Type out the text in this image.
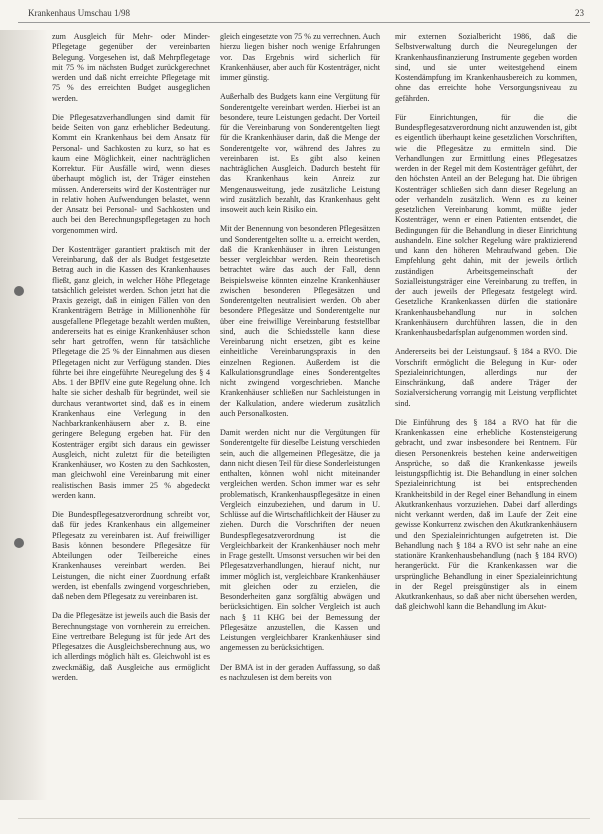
Krankenhaus Umschau 1/98	23

zum Ausgleich für Mehr- oder Minder-Pflegetage gegenüber der vereinbarten Belegung. Vorgesehen ist, daß Mehrpflegetage mit 75 % im nächsten Budget zurückgerechnet werden und daß nicht erreichte Pflegetage mit 75 % des erreichten Budget ausgeglichen werden.

Die Pflegesatzverhandlungen sind damit für beide Seiten von ganz erheblicher Bedeutung. Kommt ein Krankenhaus bei dem Ansatz für Personal- und Sachkosten zu kurz, so hat es kaum eine Möglichkeit, einer nachträglichen Korrektur. Für Ausfälle wird, wenn dieses überhaupt möglich ist, der Träger einstehen müssen. Andererseits wird der Kostenträger nur in relativ hohen Aufwendungen belastet, wenn der Ansatz bei Personal- und Sachkosten und auch bei den Berechnungspflegetagen zu hoch vorgenommen wird.

Der Kostenträger garantiert praktisch mit der Vereinbarung, daß der als Budget festgesetzte Betrag auch in die Kassen des Krankenhauses fließt, ganz gleich, in welcher Höhe Pflegetage tatsächlich geleistet werden. Schon jetzt hat die Praxis gezeigt, daß in einigen Fällen von den Krankenträgern Beträge in Millionenhöhe für ausgefallene Pflegetage bezahlt werden mußten, andererseits hat es einige Krankenhäuser schon sehr hart getroffen, wenn für tatsächliche Pflegetage die 25 % der Einnahmen aus diesen Pflegetagen nicht zur Verfügung standen. Dies führte bei ihre eingeführte Neuregelung des § 4 Abs. 1 der BPflV eine gute Regelung ohne. Ich halte sie sicher deshalb für begründet, weil sie durchaus verantwortet sind, daß es in einem Krankenhaus eine Verlegung in den Nachbarkrankenhäusern aber z. B. eine geringere Belegung ergeben hat. Für den Kostenträger ergibt sich daraus ein gewisser Ausgleich, nicht zuletzt für die beteiligten Krankenhäuser, wo Kosten zu den Sachkosten, man gleichwohl eine Vereinbarung mit einer realistischen Basis immer 25 % abgedeckt werden kann.

Die Bundespflegesatzverordnung schreibt vor, daß für jedes Krankenhaus ein allgemeiner Pflegesatz zu vereinbaren ist. Auf freiwilliger Basis können besondere Pflegesätze für Abteilungen oder Teilbereiche eines Krankenhauses vereinbart werden. Bei Leistungen, die nicht einer Zuordnung erfaßt werden, ist ebenfalls zwingend vorgeschrieben, daß neben dem Pflegesatz zu vereinbaren ist.

Da die Pflegesätze ist jeweils auch die Basis der Berechnungstage von vornherein zu erreichen. Eine vertretbare Belegung ist für jede Art des Pflegesatzes die Ausgleichsberechnung aus, wo ich allerdings möglich hält es. Gleichwohl ist es zweckmäßig, daß Ausgleiche aus ermöglicht werden.

gleich eingesetzte von 75 % zu verrechnen. Auch hierzu liegen bisher noch wenige Erfahrungen vor. Das Ergebnis wird sicherlich für Krankenhäuser, aber auch für Kostenträger, nicht immer günstig.

Außerhalb des Budgets kann eine Vergütung für Sonderentgelte vereinbart werden. Hierbei ist an besondere, teure Leistungen gedacht. Der Vorteil für die Vereinbarung von Sonderentgelten liegt für die Krankenhäuser darin, daß die Menge der Sonderentgelte vor, während des Jahres zu vereinbaren ist. Es gibt also keinen nachträglichen Ausgleich. Dadurch besteht für das Krankenhaus kein Anreiz zur Mengenausweitung, jede zusätzliche Leistung wird zusätzlich bezahlt, das Krankenhaus geht insoweit auch kein Risiko ein.

Mit der Benennung von besonderen Pflegesätzen und Sonderentgelten sollte u. a. erreicht werden, daß die Krankenhäuser in ihren Leistungen besser vergleichbar werden. Rein theoretisch betrachtet wäre das auch der Fall, denn Beispielsweise könnten einzelne Krankenhäuser zwischen besonderen Pflegesätzen und Sonderentgelten neutralisiert werden. Ob aber besondere Pflegesätze und Sonderentgelte nur über eine freiwillige Vereinbarung feststellbar sind, auch die Schiedsstelle kann diese Vereinbarung nicht ersetzen, gibt es keine einheitliche Vereinbarungspraxis in den einzelnen Regionen. Außerdem ist die Kalkulationsgrundlage eines Sonderentgeltes nicht zwingend vorgeschrieben. Manche Krankenhäuser schließen nur Sachleistungen in der Kalkulation, andere wiederum zusätzlich auch Personalkosten.

Damit werden nicht nur die Vergütungen für Sonderentgelte für dieselbe Leistung verschieden sein, auch die allgemeinen Pflegesätze, die ja dann nicht diesen Teil für diese Sonderleistungen enthalten, können wohl nicht miteinander vergleichen werden. Schon immer war es sehr problematisch, Krankenhauspflegesätze in einen Vergleich einzubeziehen, und darum in U. Schlüsse auf die Wirtschaftlichkeit der Häuser zu ziehen. Durch die Vorschriften der neuen Bundespflegesatzverordnung ist die Vergleichbarkeit der Krankenhäuser noch mehr in Frage gestellt. Umsonst versuchen wir bei den Pflegesatzverhandlungen, hierauf nicht, nur immer möglich ist, vergleichbare Krankenhäuser mit gleichen oder zu erzielen, die Besonderheiten ganz sorgfältig abwägen und berücksichtigen. Ein solcher Vergleich ist auch nach § 11 KHG bei der Bemessung der Pflegesätze anzustellen, die Kassen und Leistungen vergleichbarer Krankenhäuser sind angemessen zu berücksichtigen.

Der BMA ist in der geraden Auffassung, so daß es nachzulesen ist dem bereits von

mir externen Sozialbericht 1986, daß die Selbstverwaltung durch die Neuregelungen der Krankenhausfinanzierung Instrumente gegeben worden sind, und sie unter weitestgehend einem Kostendämpfung im Krankenhausbereich zu kommen, ohne das erreichte hohe Versorgungsniveau zu gefährden.

Für Einrichtungen, für die die Bundespflegesatzverordnung nicht anzuwenden ist, gibt es eigentlich überhaupt keine gesetzlichen Vorschriften, wie die Pflegesätze zu ermitteln sind. Die Verhandlungen zur Ermittlung eines Pflegesatzes werden in der Regel mit dem Kostenträger geführt, der den höchsten Anteil an der Belegung hat. Die übrigen Kostenträger schließen sich dann dieser Regelung an oder verhandeln zusätzlich. Wenn es zu keiner gesetzlichen Vereinbarung kommt, müßte jeder Kostenträger, wenn er einen Patienten entsendet, die Bedingungen für die Behandlung in dieser Einrichtung aushandeln. Eine solcher Regelung wäre praktizierend und kann den höheren Mehraufwand geben. Die Empfehlung geht dahin, mit der jeweils örtlich zuständigen Arbeitsgemeinschaft der Sozialleistungsträger eine Vereinbarung zu treffen, in der auch jeweils der Pflegesatz festgelegt wird. Gesetzliche Krankenkassen dürfen die stationäre Krankenhausbehandlung nur in solchen Krankenhäusern durchführen lassen, die in den Krankenhausbedarfsplan aufgenommen worden sind.

Andererseits bei der Leistungsauf. § 184 a RVO. Die Vorschrift ermöglicht die Belegung in Kur- oder Spezialeinrichtungen, allerdings nur der Einschränkung, daß andere Träger der Sozialversicherung vorrangig mit Leistung verpflichtet sind.

Die Einführung des § 184 a RVO hat für die Krankenkassen eine erhebliche Kostensteigerung gebracht, und zwar insbesondere bei Rentnern. Für diesen Personenkreis bestehen keine anderweitigen Ansprüche, so daß die Krankenkasse jeweils leistungspflichtig ist. Die Behandlung in einer solchen Spezialeinrichtung ist bei entsprechenden Krankheitsbild in der Regel einer Behandlung in einem Akutkrankenhaus vorzuziehen. Dabei darf allerdings nicht verkannt werden, daß im Laufe der Zeit eine gewisse Konkurrenz zwischen den Akutkrankenhäusern und den Spezialeinrichtungen aufgetreten ist. Die Behandlung nach § 184 a RVO ist sehr nahe an eine stationäre Krankenhausbehandlung (nach § 184 RVO) herangerückt. Für die Krankenkassen war die ursprüngliche Behandlung in einer Spezialeinrichtung in der Regel preisgünstiger als in einem Akutkrankenhaus, so daß aber nicht übersehen werden, daß gleichwohl kann die Behandlung im Akut-
